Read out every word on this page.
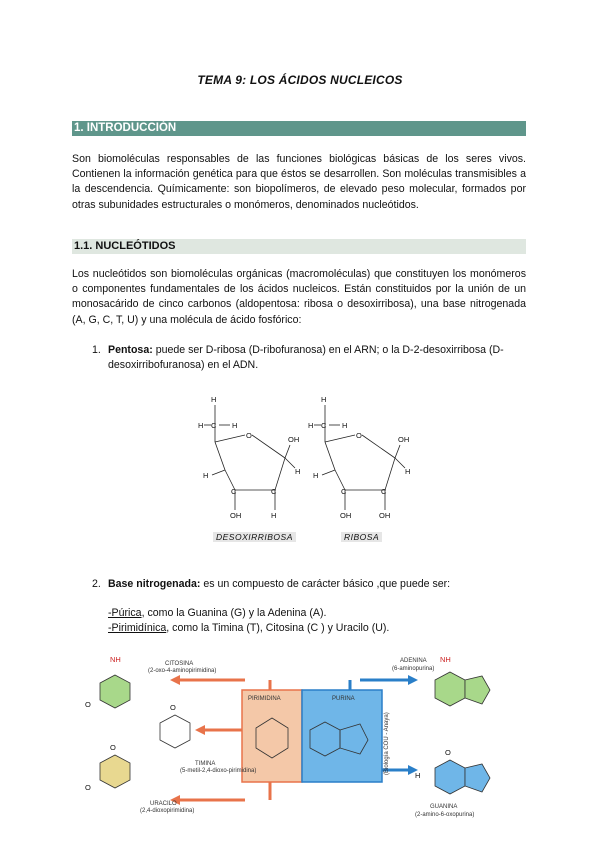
TEMA 9: LOS ÁCIDOS NUCLEICOS
1. INTRODUCCIÓN
Son biomoléculas responsables de las funciones biológicas básicas de los seres vivos. Contienen la información genética para que éstos se desarrollen. Son moléculas transmisibles a la descendencia. Químicamente: son biopolímeros, de elevado peso molecular, formados por otras subunidades estructurales o monómeros, denominados nucleótidos.
1.1. NUCLEÓTIDOS
Los nucleótidos son biomoléculas orgánicas (macromoléculas) que constituyen los monómeros o componentes fundamentales de los ácidos nucleicos. Están constituidos por la unión de un monosacárido de cinco carbonos (aldopentosa: ribosa o desoxirribosa), una base nitrogenada (A, G, C, T, U) y una molécula de ácido fosfórico:
1. Pentosa: puede ser D-ribosa (D-ribofuranosa) en el ARN; o la D-2-desoxirribosa (D-desoxirribofuranosa) en el ADN.
H
H C H
O	OH
H
H
C	C
OH	H
H
H C H
O	OH
H
H
C	C
OH	OH
DESOXIRRIBOSA	RIBOSA
2. Base nitrogenada: es un compuesto de carácter básico ,que puede ser:
-Púrica, como la Guanina (G) y la Adenina (A).
-Pirimidínica, como la Timina (T), Citosina (C ) y Uracilo (U).
NH
O	O
O
O
NH
O
H
CITOSINA
(2-oxo-4-aminopirimidina)
TIMINA
(5-metil-2,4-dioxo-pirimidina)
URACILO
(2,4-dioxopirimidina)
PIRIMIDINA	PURINA
ADENINA
(6-aminopurina)
GUANINA
(2-amino-6-oxopurina)
(Biología COU - Anaya)
